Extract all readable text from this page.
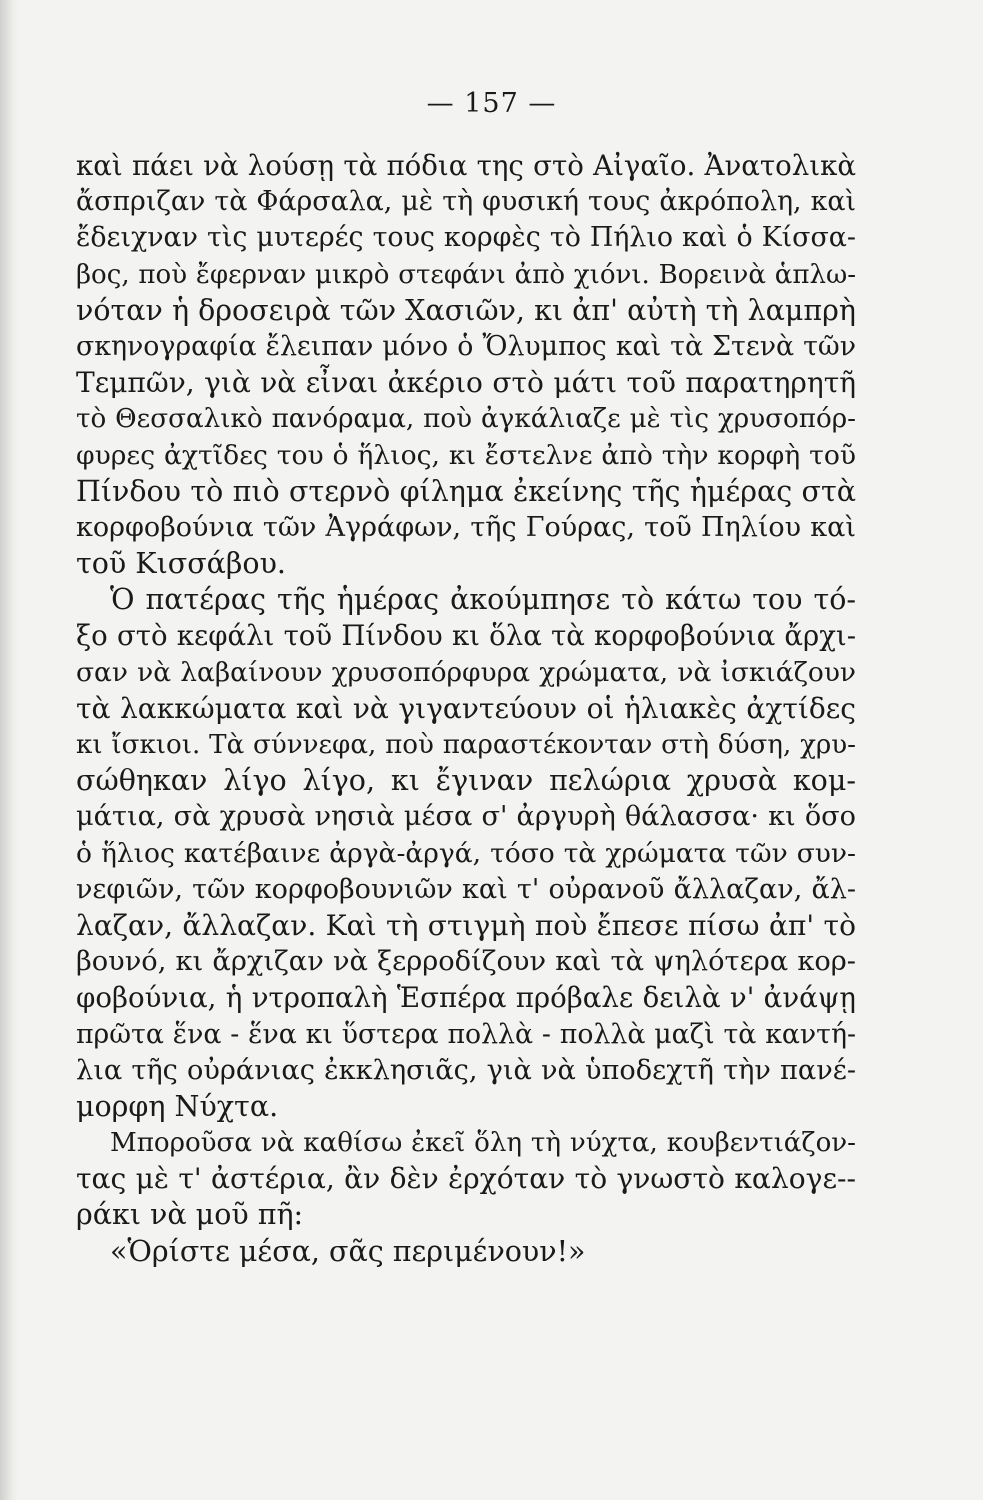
— 157 —
καὶ πάει νὰ λούσῃ τὰ πόδια της στὸ Αἰγαῖο. Ἀνατολικὰ
ἄσπριζαν τὰ Φάρσαλα, μὲ τὴ φυσική τους ἀκρόπολη, καὶ
ἔδειχναν τὶς μυτερές τους κορφὲς τὸ Πήλιο καὶ ὁ Κίσσα-
βος, ποὺ ἔφερναν μικρὸ στεφάνι ἀπὸ χιόνι. Βορεινὰ ἁπλω-
νόταν ἡ δροσειρὰ τῶν Χασιῶν, κι ἀπ' αὐτὴ τὴ λαμπρὴ
σκηνογραφία ἔλειπαν μόνο ὁ Ὄλυμπος καὶ τὰ Στενὰ τῶν
Τεμπῶν, γιὰ νὰ εἶναι ἀκέριο στὸ μάτι τοῦ παρατηρητῆ
τὸ Θεσσαλικὸ πανόραμα, ποὺ ἀγκάλιαζε μὲ τὶς χρυσοπόρ-
φυρες ἀχτῖδες του ὁ ἥλιος, κι ἔστελνε ἀπὸ τὴν κορφὴ τοῦ
Πίνδου τὸ πιὸ στερνὸ φίλημα ἐκείνης τῆς ἡμέρας στὰ
κορφοβούνια τῶν Ἀγράφων, τῆς Γούρας, τοῦ Πηλίου καὶ
τοῦ Κισσάβου.
Ὁ πατέρας τῆς ἡμέρας ἀκούμπησε τὸ κάτω του τό-
ξο στὸ κεφάλι τοῦ Πίνδου κι ὅλα τὰ κορφοβούνια ἄρχι-
σαν νὰ λαβαίνουν χρυσοπόρφυρα χρώματα, νὰ ἰσκιάζουν
τὰ λακκώματα καὶ νὰ γιγαντεύουν οἱ ἡλιακὲς ἀχτίδες
κι ἴσκιοι. Τὰ σύννεφα, ποὺ παραστέκονταν στὴ δύση, χρυ-
σώθηκαν λίγο λίγο, κι ἔγιναν πελώρια χρυσὰ κομ-
μάτια, σὰ χρυσὰ νησιὰ μέσα σ' ἀργυρὴ θάλασσα· κι ὅσο
ὁ ἥλιος κατέβαινε ἀργὰ-ἀργά, τόσο τὰ χρώματα τῶν συν-
νεφιῶν, τῶν κορφοβουνιῶν καὶ τ' οὐρανοῦ ἄλλαζαν, ἄλ-
λαζαν, ἄλλαζαν. Καὶ τὴ στιγμὴ ποὺ ἔπεσε πίσω ἀπ' τὸ
βουνό, κι ἄρχιζαν νὰ ξερροδίζουν καὶ τὰ ψηλότερα κορ-
φοβούνια, ἡ ντροπαλὴ Ἑσπέρα πρόβαλε δειλὰ ν' ἀνάψῃ
πρῶτα ἕνα - ἕνα κι ὕστερα πολλὰ - πολλὰ μαζὶ τὰ καντή-
λια τῆς οὐράνιας ἐκκλησιᾶς, γιὰ νὰ ὑποδεχτῆ τὴν πανέ-
μορφη Νύχτα.
Μποροῦσα νὰ καθίσω ἐκεῖ ὅλη τὴ νύχτα, κουβεντιάζον-
τας μὲ τ' ἀστέρια, ἂν δὲν ἐρχόταν τὸ γνωστὸ καλογε--
ράκι νὰ μοῦ πῆ:
«Ὁρίστε μέσα, σᾶς περιμένουν!»
